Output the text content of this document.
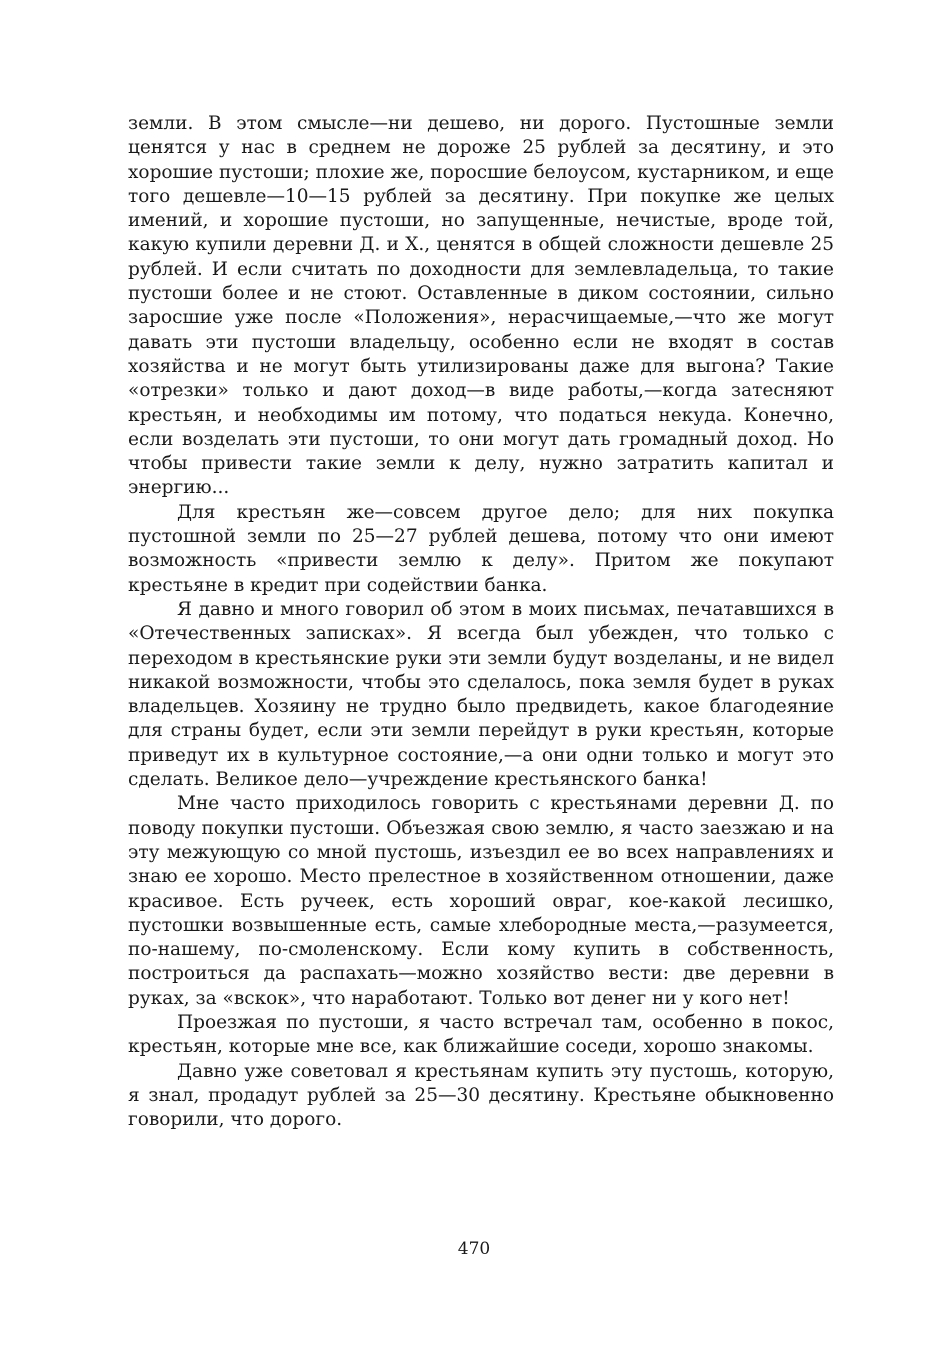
земли. В этом смысле—ни дешево, ни дорого. Пустошные земли ценятся у нас в среднем не дороже 25 рублей за десятину, и это хорошие пустоши; плохие же, поросшие белоусом, кустарником, и еще того дешевле—10—15 рублей за десятину. При покупке же целых имений, и хорошие пустоши, но запущенные, нечистые, вроде той, какую купили деревни Д. и Х., ценятся в общей сложности дешевле 25 рублей. И если считать по доходности для землевладельца, то такие пустоши более и не стоют. Оставленные в диком состоянии, сильно заросшие уже после «Положения», нерасчищаемые,—что же могут давать эти пустоши владельцу, особенно если не входят в состав хозяйства и не могут быть утилизированы даже для выгона? Такие «отрезки» только и дают доход—в виде работы,—когда затесняют крестьян, и необходимы им потому, что податься некуда. Конечно, если возделать эти пустоши, то они могут дать громадный доход. Но чтобы привести такие земли к делу, нужно затратить капитал и энергию...

Для крестьян же—совсем другое дело; для них покупка пустошной земли по 25—27 рублей дешева, потому что они имеют возможность «привести землю к делу». Притом же покупают крестьяне в кредит при содействии банка.

Я давно и много говорил об этом в моих письмах, печатавшихся в «Отечественных записках». Я всегда был убежден, что только с переходом в крестьянские руки эти земли будут возделаны, и не видел никакой возможности, чтобы это сделалось, пока земля будет в руках владельцев. Хозяину не трудно было предвидеть, какое благодеяние для страны будет, если эти земли перейдут в руки крестьян, которые приведут их в культурное состояние,—а они одни только и могут это сделать. Великое дело—учреждение крестьянского банка!

Мне часто приходилось говорить с крестьянами деревни Д. по поводу покупки пустоши. Объезжая свою землю, я часто заезжаю и на эту межующую со мной пустошь, изъездил ее во всех направлениях и знаю ее хорошо. Место прелестное в хозяйственном отношении, даже красивое. Есть ручеек, есть хороший овраг, кое-какой лесишко, пустошки возвышенные есть, самые хлебородные места,—разумеется, по-нашему, по-смоленскому. Если кому купить в собственность, построиться да распахать—можно хозяйство вести: две деревни в руках, за «вскок», что наработают. Только вот денег ни у кого нет!

Проезжая по пустоши, я часто встречал там, особенно в покос, крестьян, которые мне все, как ближайшие соседи, хорошо знакомы.

Давно уже советовал я крестьянам купить эту пустошь, которую, я знал, продадут рублей за 25—30 десятину. Крестьяне обыкновенно говорили, что дорого.

470
